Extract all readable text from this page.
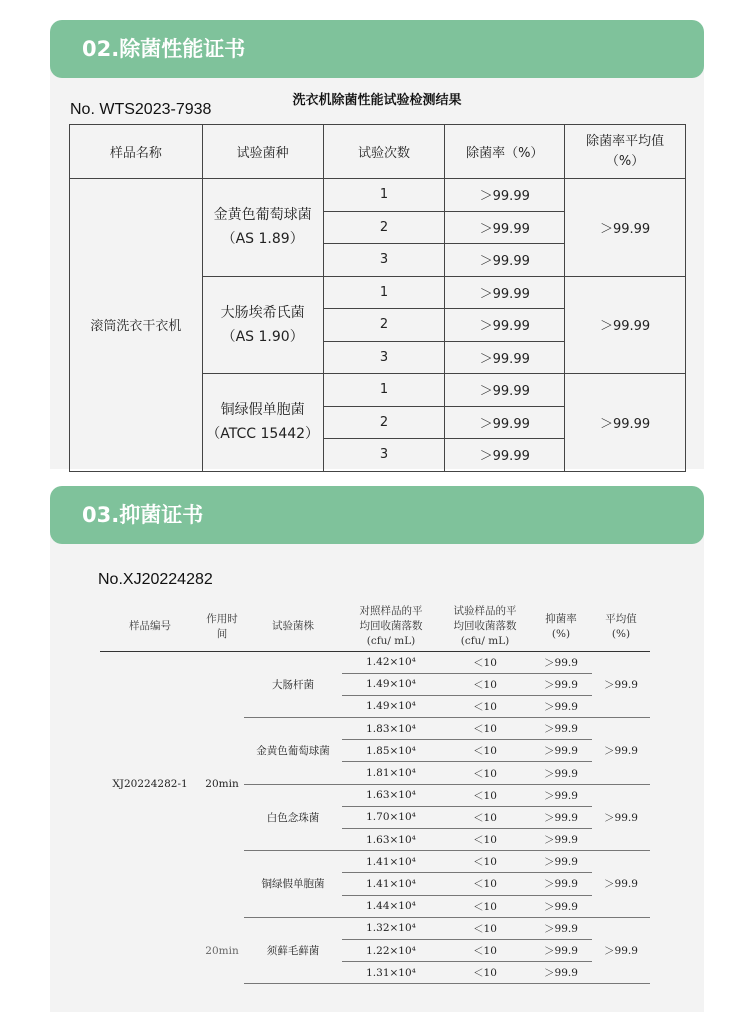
02.除菌性能证书
洗衣机除菌性能试验检测结果
No. WTS2023-7938
样品名称	试验菌种	试验次数	除菌率（%）	除菌率平均值
（%）
滚筒洗衣干衣机	金黄色葡萄球菌
（AS 1.89）	1	＞99.99	＞99.99
		2	＞99.99	
		3	＞99.99	
	大肠埃希氏菌
（AS 1.90）	1	＞99.99	＞99.99
		2	＞99.99	
		3	＞99.99	
	铜绿假单胞菌
（ATCC 15442）	1	＞99.99	＞99.99
		2	＞99.99	
		3	＞99.99	
03.抑菌证书
No.XJ20224282
样品编号	作用时
间	试验菌株	对照样品的平
均回收菌落数
(cfu/ mL)	试验样品的平
均回收菌落数
(cfu/ mL)	抑菌率
(%)	平均值
(%)
XJ20224282-1	20min	大肠杆菌	1.42×10⁴	＜10	＞99.9	＞99.9
			1.49×10⁴	＜10	＞99.9	
			1.49×10⁴	＜10	＞99.9	
		金黄色葡萄球菌	1.83×10⁴	＜10	＞99.9	＞99.9
			1.85×10⁴	＜10	＞99.9	
			1.81×10⁴	＜10	＞99.9	
		白色念珠菌	1.63×10⁴	＜10	＞99.9	＞99.9
			1.70×10⁴	＜10	＞99.9	
			1.63×10⁴	＜10	＞99.9	
		铜绿假单胞菌	1.41×10⁴	＜10	＞99.9	＞99.9
			1.41×10⁴	＜10	＞99.9	
			1.44×10⁴	＜10	＞99.9	
	20min	须藓毛藓菌	1.32×10⁴	＜10	＞99.9	＞99.9
			1.22×10⁴	＜10	＞99.9	
			1.31×10⁴	＜10	＞99.9	
